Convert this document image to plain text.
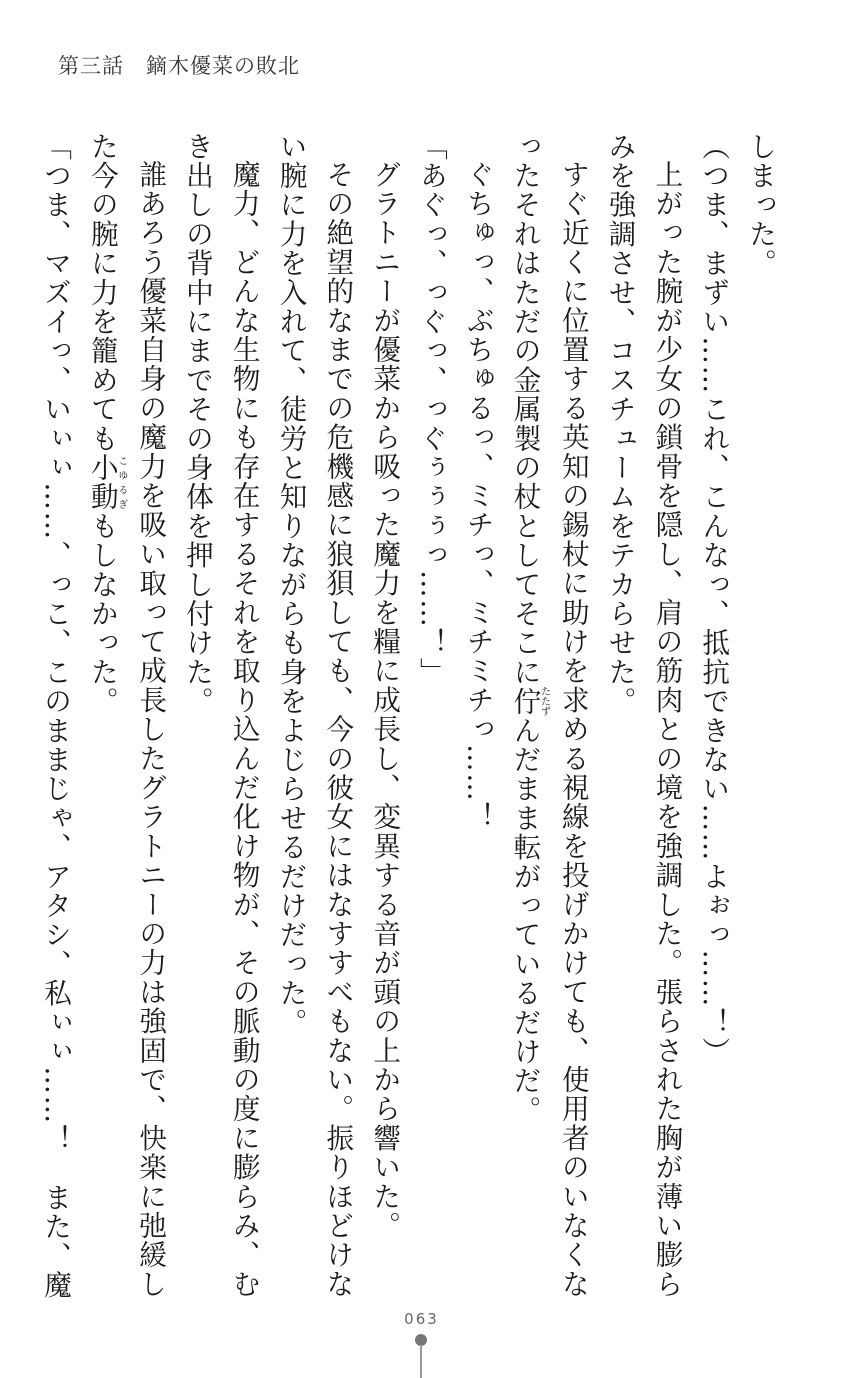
第三話 鏑木優菜の敗北

しまった。

（つま、まずい……これ、こんなっ、抵抗できない……よぉっ……！）

上がった腕が少女の鎖骨を隠し、肩の筋肉との境を強調した。張らされた胸が薄い膨ら

みを強調させ、コスチュームをテカらせた。

すぐ近くに位置する英知の錫杖に助けを求める視線を投げかけても、使用者のいなくな

ったそれはただの金属製の杖としてそこに佇たたずんだまま転がっているだけだ。

ぐちゅっ、ぶちゅるっ、ミチっ、ミチミチっ……！

「あぐっ、っぐっ、っぐぅぅぅっ……！」

グラトニーが優菜から吸った魔力を糧に成長し、変異する音が頭の上から響いた。

その絶望的なまでの危機感に狼狽しても、今の彼女にはなすすべもない。振りほどけな

い腕に力を入れて、徒労と知りながらも身をよじらせるだけだった。

魔力、どんな生物にも存在するそれを取り込んだ化け物が、その脈動の度に膨らみ、む

き出しの背中にまでその身体を押し付けた。

誰あろう優菜自身の魔力を吸い取って成長したグラトニーの力は強固で、快楽に弛緩し

た今の腕に力を籠めても小動こゆるぎもしなかった。

「つま、マズイっ、いぃぃ……、っこ、このままじゃ、アタシ、私ぃぃ……！　また、魔

063
